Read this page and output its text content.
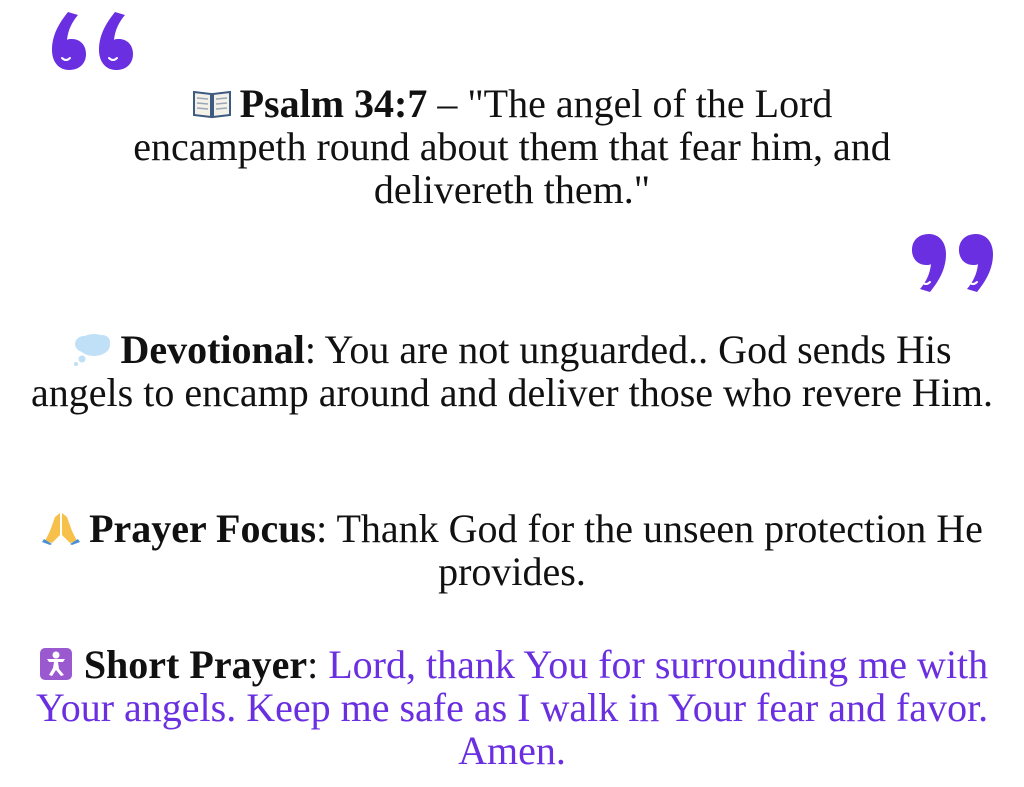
Psalm 34:7 – "The angel of the Lord encampeth round about them that fear him, and delivereth them."
Devotional: You are not unguarded.. God sends His angels to encamp around and deliver those who revere Him.
Prayer Focus: Thank God for the unseen protection He provides.
Short Prayer: Lord, thank You for surrounding me with Your angels. Keep me safe as I walk in Your fear and favor. Amen.
